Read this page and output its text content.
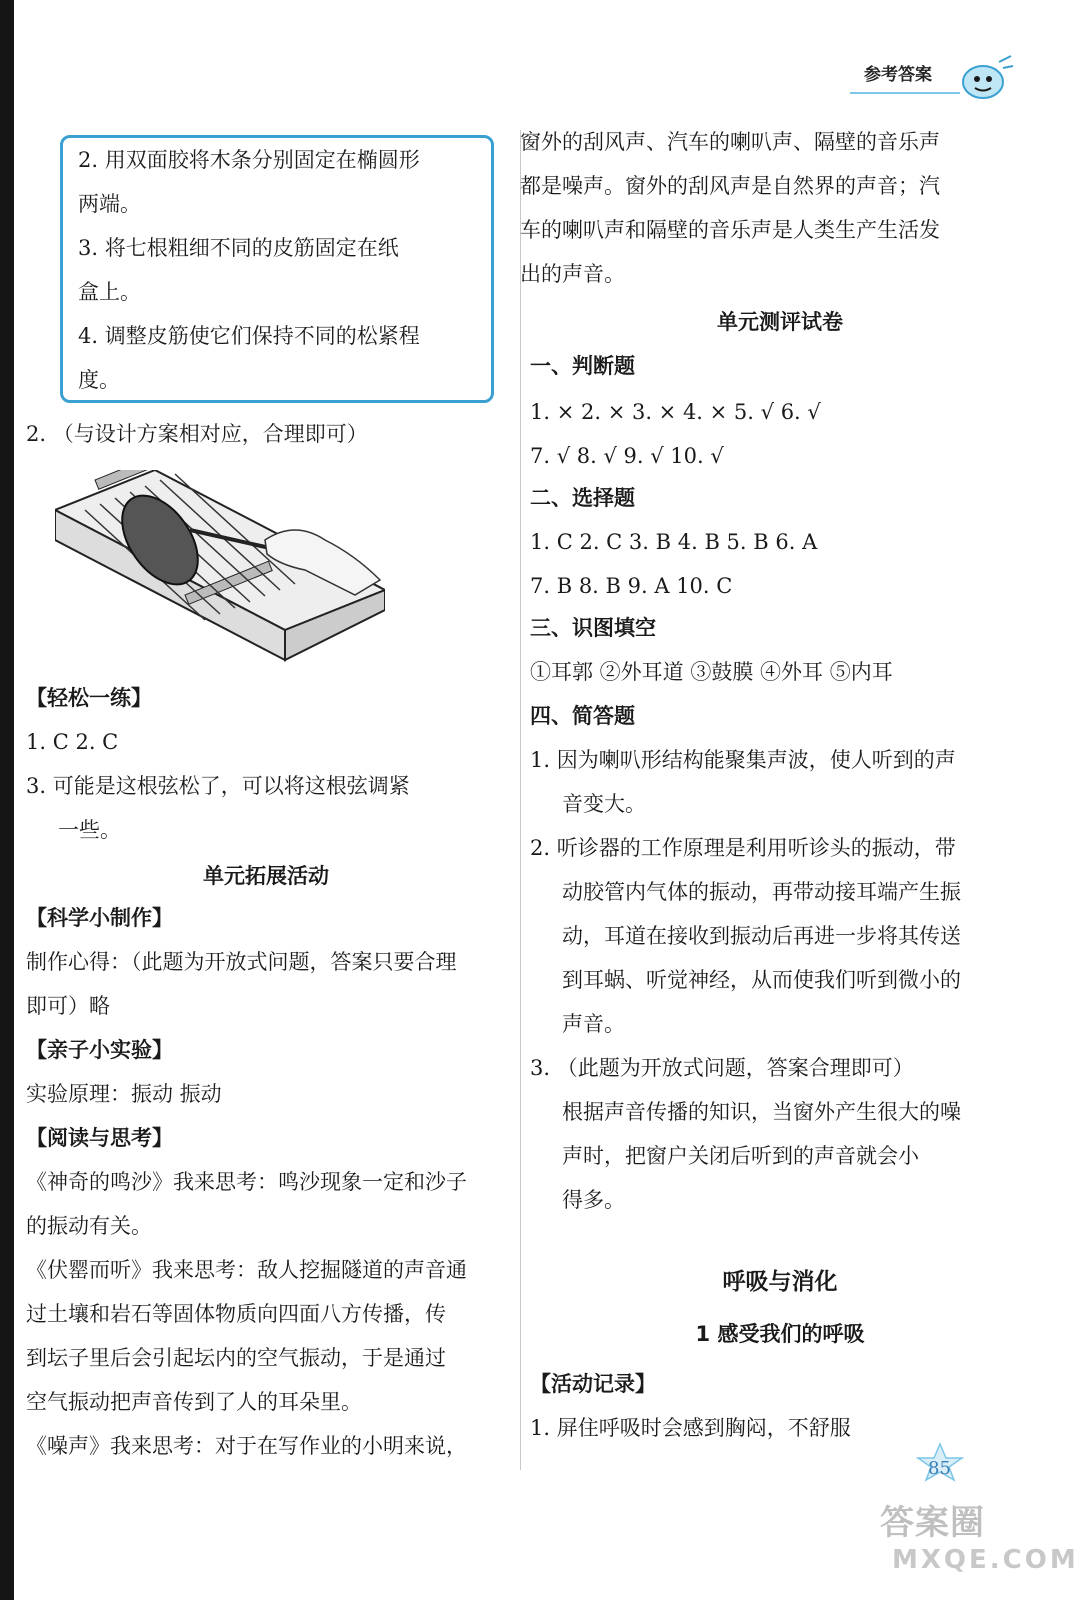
参考答案
2. 用双面胶将木条分别固定在椭圆形
两端。
3. 将七根粗细不同的皮筋固定在纸
盒上。
4. 调整皮筋使它们保持不同的松紧程
度。
2. （与设计方案相对应，合理即可）
【轻松一练】
1. C 2. C
3. 可能是这根弦松了，可以将这根弦调紧
一些。
单元拓展活动
【科学小制作】
制作心得：（此题为开放式问题，答案只要合理
即可）略
【亲子小实验】
实验原理：振动 振动
【阅读与思考】
《神奇的鸣沙》我来思考：鸣沙现象一定和沙子
的振动有关。
《伏罂而听》我来思考：敌人挖掘隧道的声音通
过土壤和岩石等固体物质向四面八方传播，传
到坛子里后会引起坛内的空气振动，于是通过
空气振动把声音传到了人的耳朵里。
《噪声》我来思考：对于在写作业的小明来说，
窗外的刮风声、汽车的喇叭声、隔壁的音乐声
都是噪声。窗外的刮风声是自然界的声音；汽
车的喇叭声和隔壁的音乐声是人类生产生活发
出的声音。
单元测评试卷
一、判断题
1. × 2. × 3. × 4. × 5. √ 6. √
7. √ 8. √ 9. √ 10. √
二、选择题
1. C 2. C 3. B 4. B 5. B 6. A
7. B 8. B 9. A 10. C
三、识图填空
①耳郭 ②外耳道 ③鼓膜 ④外耳 ⑤内耳
四、简答题
1. 因为喇叭形结构能聚集声波，使人听到的声
音变大。
2. 听诊器的工作原理是利用听诊头的振动，带
动胶管内气体的振动，再带动接耳端产生振
动，耳道在接收到振动后再进一步将其传送
到耳蜗、听觉神经，从而使我们听到微小的
声音。
3. （此题为开放式问题，答案合理即可）
根据声音传播的知识，当窗外产生很大的噪
声时，把窗户关闭后听到的声音就会小
得多。
呼吸与消化
1 感受我们的呼吸
【活动记录】
1. 屏住呼吸时会感到胸闷，不舒服
85
答案圈
MXQE.COM
